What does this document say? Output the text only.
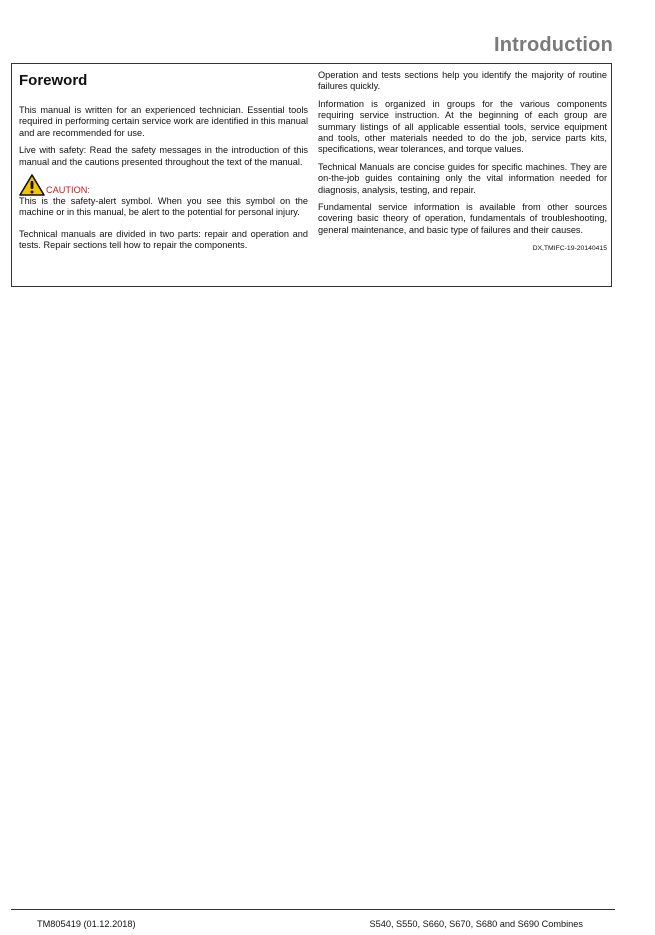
Introduction
Foreword

This manual is written for an experienced technician. Essential tools required in performing certain service work are identified in this manual and are recommended for use.

Live with safety: Read the safety messages in the introduction of this manual and the cautions presented throughout the text of the manual.

CAUTION:

This is the safety-alert symbol. When you see this symbol on the machine or in this manual, be alert to the potential for personal injury.

Technical manuals are divided in two parts: repair and operation and tests. Repair sections tell how to repair the components.

Operation and tests sections help you identify the majority of routine failures quickly.

Information is organized in groups for the various components requiring service instruction. At the beginning of each group are summary listings of all applicable essential tools, service equipment and tools, other materials needed to do the job, service parts kits, specifications, wear tolerances, and torque values.

Technical Manuals are concise guides for specific machines. They are on-the-job guides containing only the vital information needed for diagnosis, analysis, testing, and repair.

Fundamental service information is available from other sources covering basic theory of operation, fundamentals of troubleshooting, general maintenance, and basic type of failures and their causes.

DX,TMIFC-19-20140415
TM805419 (01.12.2018)	S540, S550, S660, S670, S680 and S690 Combines
